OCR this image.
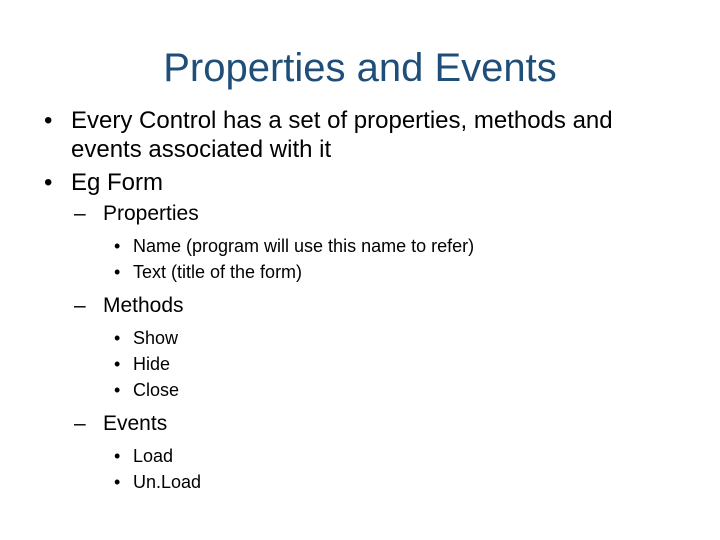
Properties and Events
• Every Control has a set of properties, methods and events associated with it
• Eg Form
– Properties
• Name (program will use this name to refer)
• Text (title of the form)
– Methods
• Show
• Hide
• Close
– Events
• Load
• Un.Load
